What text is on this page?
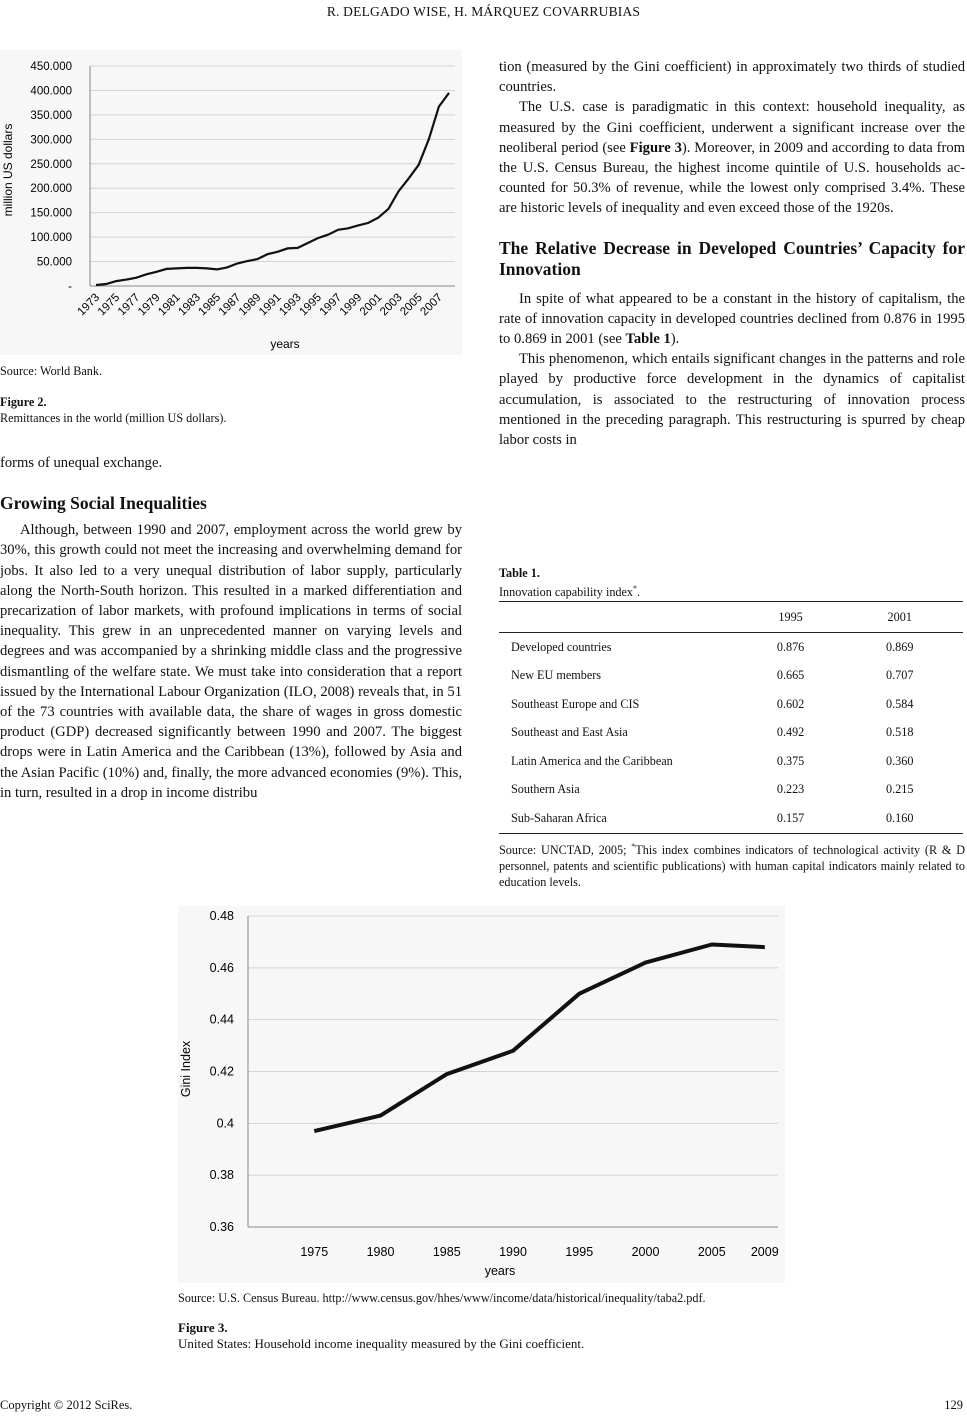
R. DELGADO WISE, H. MÁRQUEZ COVARRUBIAS
-
50.000
100.000
150.000
200.000
250.000
300.000
350.000
400.000
450.000
1973
1975
1977
1979
1981
1983
1985
1987
1989
1991
1993
1995
1997
1999
2001
2003
2005
2007
million US dollars
years
Source: World Bank.
Figure 2.
Remittances in the world (million US dollars).

forms of unequal exchange.

Growing Social Inequalities

Although, between 1990 and 2007, employment across the world grew by 30%, this growth could not meet the increasing and overwhelming demand for jobs. It also led to a very unequal distribution of labor supply, particularly along the North-South horizon. This resulted in a marked differentiation and precarization of labor markets, with profound implications in terms of social inequality. This grew in an unprecedented manner on varying levels and degrees and was accompanied by a shrinking middle class and the progressive dismantling of the welfare state. We must take into consideration that a report issued by the International Labour Organization (ILO, 2008) reveals that, in 51 of the 73 countries with available data, the share of wages in gross domestic product (GDP) decreased significantly between 1990 and 2007. The biggest drops were in Latin America and the Caribbean (13%), followed by Asia and the Asian Pacific (10%) and, finally, the more advanced economies (9%). This, in turn, resulted in a drop in income distribu

tion (measured by the Gini coefficient) in approximately two thirds of studied countries.

The U.S. case is paradigmatic in this context: household inequality, as measured by the Gini coefficient, underwent a significant increase over the neoliberal period (see Figure 3). Moreover, in 2009 and according to data from the U.S. Census Bureau, the highest income quintile of U.S. households accounted for 50.3% of revenue, while the lowest only comprised 3.4%. These are historic levels of inequality and even exceed those of the 1920s.

The Relative Decrease in Developed Countries’ Capacity for Innovation

In spite of what appeared to be a constant in the history of capitalism, the rate of innovation capacity in developed countries declined from 0.876 in 1995 to 0.869 in 2001 (see Table 1).

This phenomenon, which entails significant changes in the patterns and role played by productive force development in the dynamics of capitalist accumulation, is associated to the restructuring of innovation process mentioned in the preceding paragraph. This restructuring is spurred by cheap labor costs in

Table 1.
Innovation capability index*.
	1995	2001
Developed countries	0.876	0.869
New EU members	0.665	0.707
Southeast Europe and CIS	0.602	0.584
Southeast and East Asia	0.492	0.518
Latin America and the Caribbean	0.375	0.360
Southern Asia	0.223	0.215
Sub-Saharan Africa	0.157	0.160
Source: UNCTAD, 2005; *This index combines indicators of technological activity (R & D personnel, patents and scientific publications) with human capital indicators mainly related to education levels.
0.36
0.38
0.4
0.42
0.44
0.46
0.48
1975	1980	1985	1990	1995	2000	2005 2009
Gini Index
years
Source: U.S. Census Bureau. http://www.census.gov/hhes/www/income/data/historical/inequality/taba2.pdf.
Figure 3.
United States: Household income inequality measured by the Gini coefficient.
Copyright © 2012 SciRes.	129
